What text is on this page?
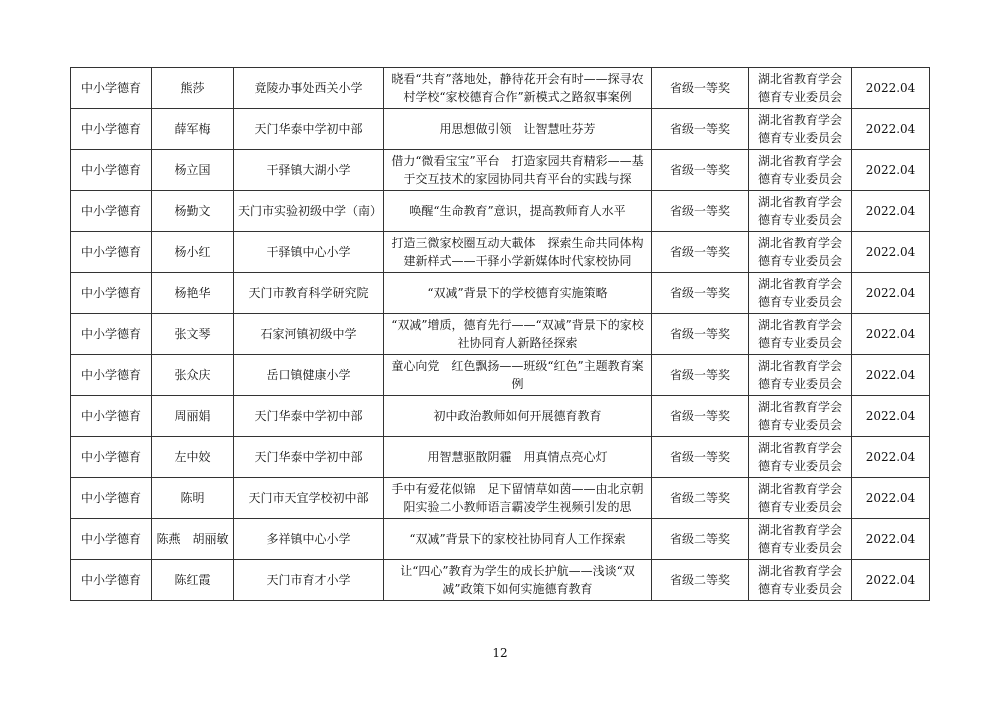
中小学德育	熊莎	竟陵办事处西关小学	晓看“共育”落地处，静待花开会有时——探寻农村学校“家校德育合作”新模式之路叙事案例	省级一等奖	湖北省教育学会德育专业委员会	2022.04
中小学德育	薛军梅	天门华泰中学初中部	用思想做引领　让智慧吐芬芳	省级一等奖	湖北省教育学会德育专业委员会	2022.04
中小学德育	杨立国	干驿镇大湖小学	借力“微看宝宝”平台　打造家园共育精彩——基于交互技术的家园协同共育平台的实践与探	省级一等奖	湖北省教育学会德育专业委员会	2022.04
中小学德育	杨勤文	天门市实验初级中学（南）	唤醒“生命教育”意识，提高教师育人水平	省级一等奖	湖北省教育学会德育专业委员会	2022.04
中小学德育	杨小红	干驿镇中心小学	打造三微家校圈互动大載体　探索生命共同体构建新样式——干驿小学新媒体时代家校协同	省级一等奖	湖北省教育学会德育专业委员会	2022.04
中小学德育	杨艳华	天门市教育科学研究院	“双减”背景下的学校德育实施策略	省级一等奖	湖北省教育学会德育专业委员会	2022.04
中小学德育	张文琴	石家河镇初级中学	“双减”增质，德育先行——“双减”背景下的家校社协同育人新路径探索	省级一等奖	湖北省教育学会德育专业委员会	2022.04
中小学德育	张众庆	岳口镇健康小学	童心向党　红色飘扬——班级“红色”主题教育案例	省级一等奖	湖北省教育学会德育专业委员会	2022.04
中小学德育	周丽娟	天门华泰中学初中部	初中政治教师如何开展德育教育	省级一等奖	湖北省教育学会德育专业委员会	2022.04
中小学德育	左中姣	天门华泰中学初中部	用智慧驱散阴霾　用真情点亮心灯	省级一等奖	湖北省教育学会德育专业委员会	2022.04
中小学德育	陈明	天门市天宜学校初中部	手中有爱花似锦　足下留情草如茵——由北京朝阳实验二小教师语言霸凌学生视频引发的思	省级二等奖	湖北省教育学会德育专业委员会	2022.04
中小学德育	陈燕　胡丽敏	多祥镇中心小学	“双减”背景下的家校社协同育人工作探索	省级二等奖	湖北省教育学会德育专业委员会	2022.04
中小学德育	陈红霞	天门市育才小学	让“四心”教育为学生的成长护航——浅谈“双减”政策下如何实施德育教育	省级二等奖	湖北省教育学会德育专业委员会	2022.04
12
